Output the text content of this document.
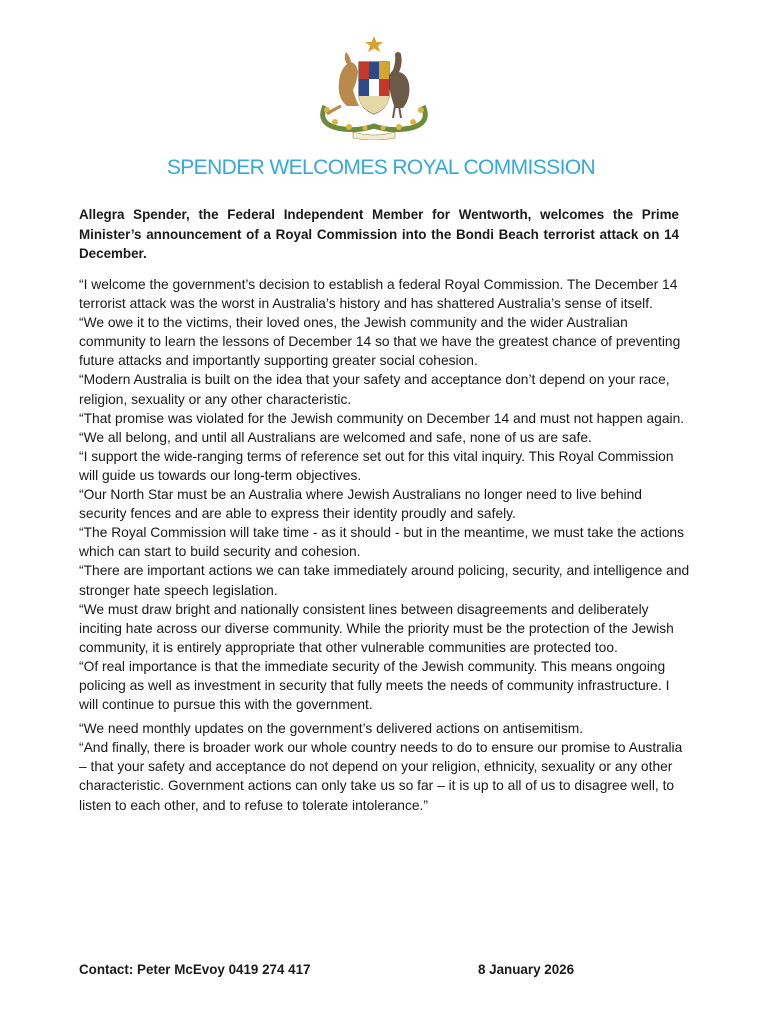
SPENDER WELCOMES ROYAL COMMISSION

Allegra Spender, the Federal Independent Member for Wentworth, welcomes the Prime Minister’s announcement of a Royal Commission into the Bondi Beach terrorist attack on 14 December.

“I welcome the government’s decision to establish a federal Royal Commission. The December 14 terrorist attack was the worst in Australia’s history and has shattered Australia’s sense of itself.

“We owe it to the victims, their loved ones, the Jewish community and the wider Australian community to learn the lessons of December 14 so that we have the greatest chance of preventing future attacks and importantly supporting greater social cohesion.

“Modern Australia is built on the idea that your safety and acceptance don’t depend on your race, religion, sexuality or any other characteristic.

“That promise was violated for the Jewish community on December 14 and must not happen again.

“We all belong, and until all Australians are welcomed and safe, none of us are safe.

“I support the wide-ranging terms of reference set out for this vital inquiry. This Royal Commission will guide us towards our long-term objectives.

“Our North Star must be an Australia where Jewish Australians no longer need to live behind security fences and are able to express their identity proudly and safely.

“The Royal Commission will take time - as it should - but in the meantime, we must take the actions which can start to build security and cohesion.

“There are important actions we can take immediately around policing, security, and intelligence and stronger hate speech legislation.

“We must draw bright and nationally consistent lines between disagreements and deliberately inciting hate across our diverse community. While the priority must be the protection of the Jewish community, it is entirely appropriate that other vulnerable communities are protected too.

“Of real importance is that the immediate security of the Jewish community. This means ongoing policing as well as investment in security that fully meets the needs of community infrastructure. I will continue to pursue this with the government.

“We need monthly updates on the government’s delivered actions on antisemitism.

“And finally, there is broader work our whole country needs to do to ensure our promise to Australia – that your safety and acceptance do not depend on your religion, ethnicity, sexuality or any other characteristic. Government actions can only take us so far – it is up to all of us to disagree well, to listen to each other, and to refuse to tolerate intolerance.”

Contact: Peter McEvoy 0419 274 417	8 January 2026
